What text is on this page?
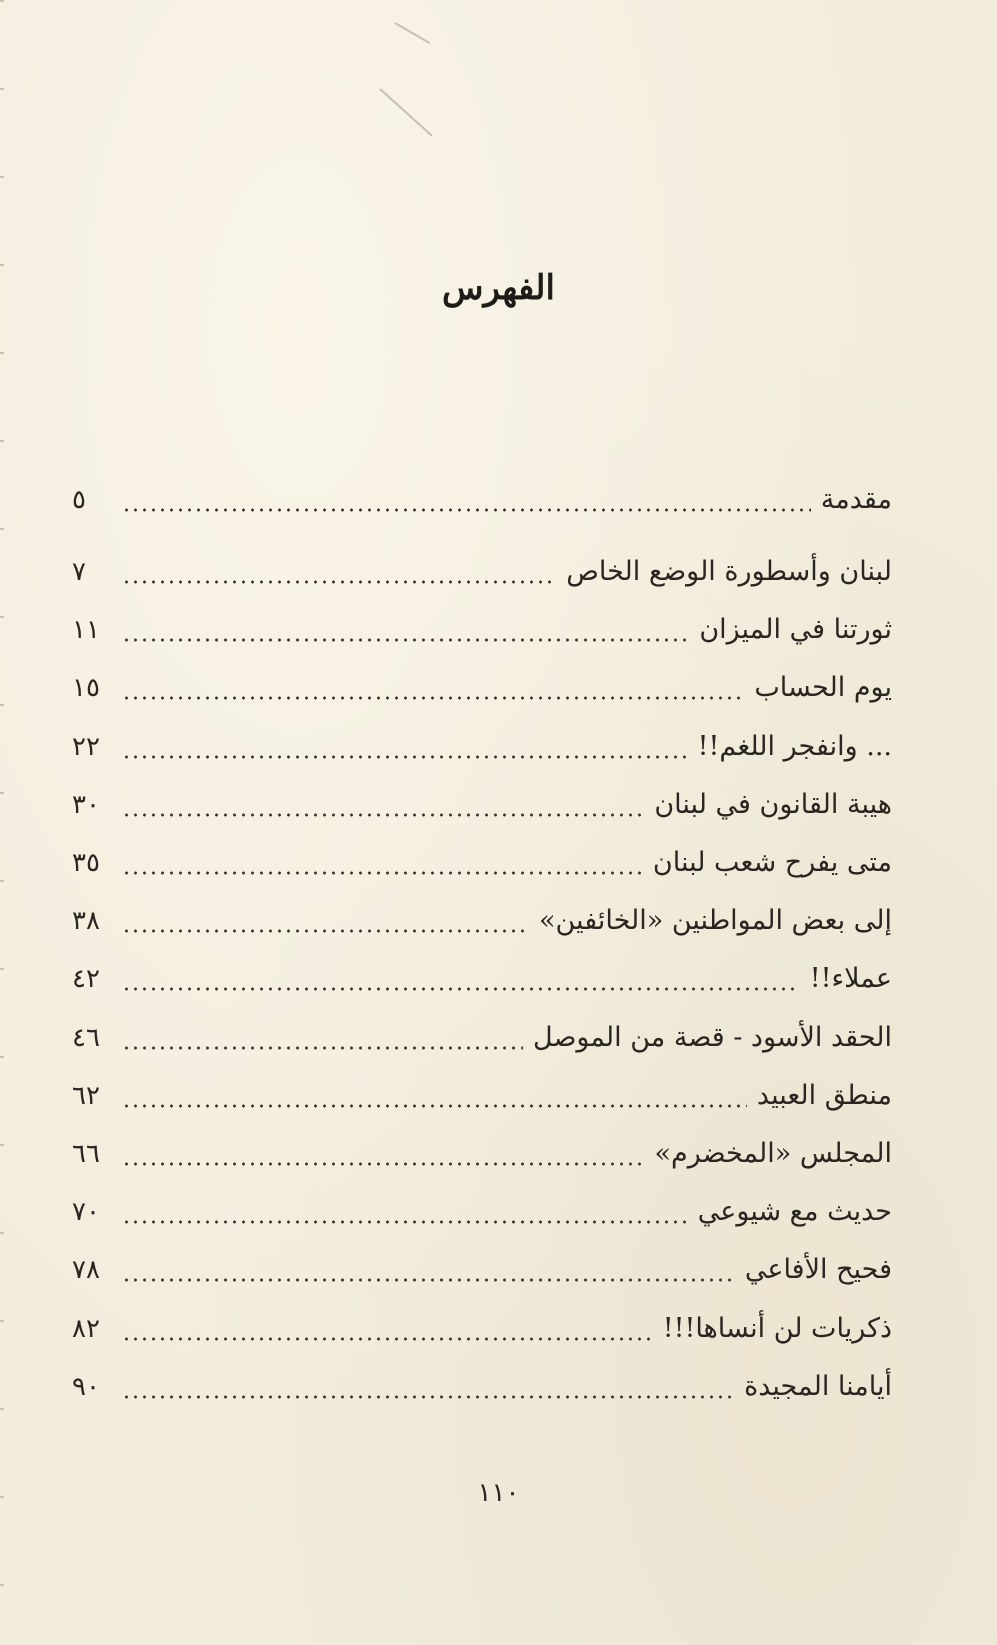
الفهرس
مقدمة
٥
لبنان وأسطورة الوضع الخاص
٧
ثورتنا في الميزان
١١
يوم الحساب
١٥
... وانفجر اللغم!!
٢٢
هيبة القانون في لبنان
٣٠
متى يفرح شعب لبنان
٣٥
إلى بعض المواطنين «الخائفين»
٣٨
عملاء!!
٤٢
الحقد الأسود - قصة من الموصل
٤٦
منطق العبيد
٦٢
المجلس «المخضرم»
٦٦
حديث مع شيوعي
٧٠
فحيح الأفاعي
٧٨
ذكريات لن أنساها!!!
٨٢
أيامنا المجيدة
٩٠
١١٠
